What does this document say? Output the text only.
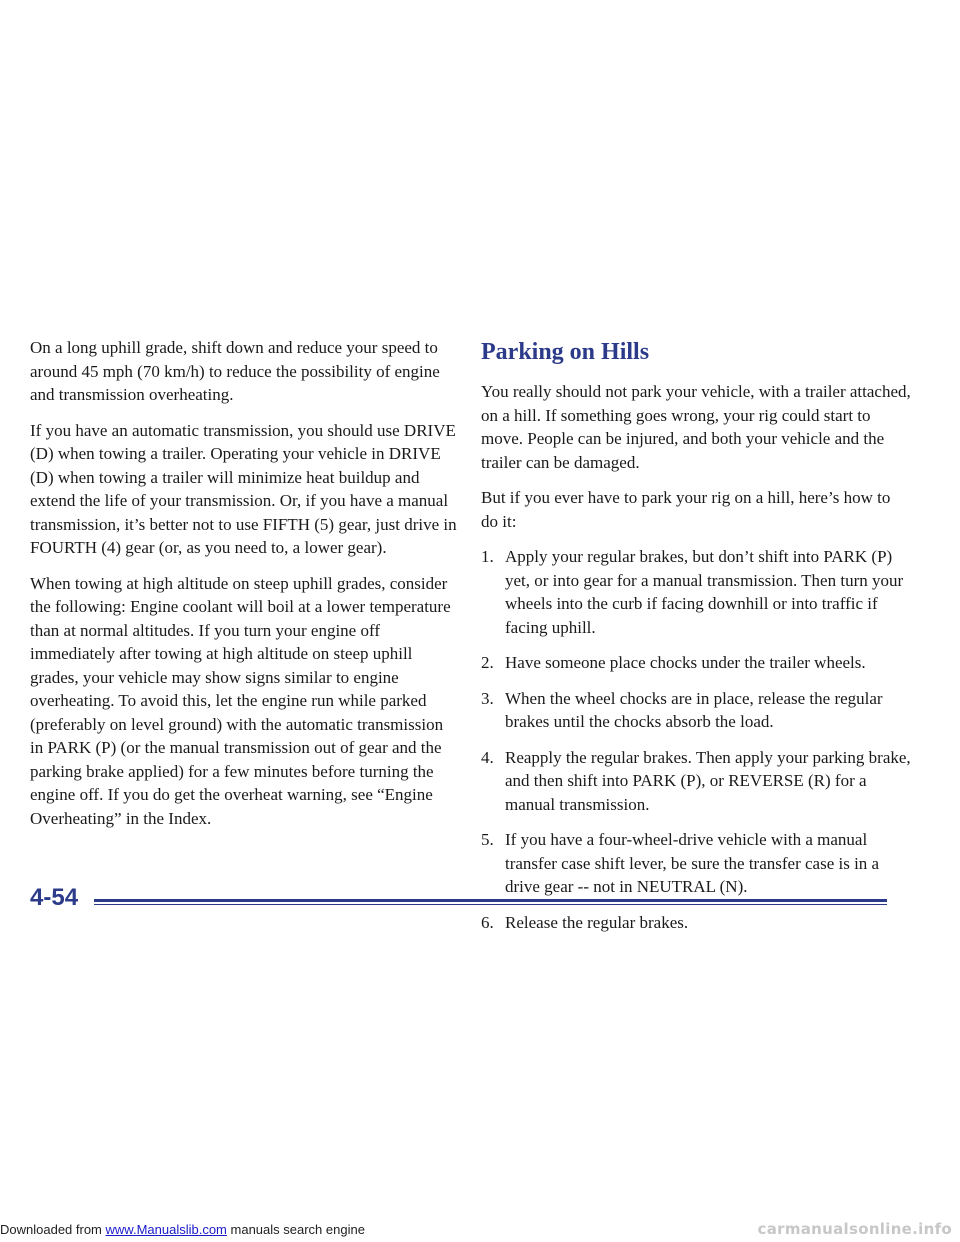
On a long uphill grade, shift down and reduce your speed to around 45 mph (70 km/h) to reduce the possibility of engine and transmission overheating.

If you have an automatic transmission, you should use DRIVE (D) when towing a trailer. Operating your vehicle in DRIVE (D) when towing a trailer will minimize heat buildup and extend the life of your transmission. Or, if you have a manual transmission, it’s better not to use FIFTH (5) gear, just drive in FOURTH (4) gear (or, as you need to, a lower gear).

When towing at high altitude on steep uphill grades, consider the following: Engine coolant will boil at a lower temperature than at normal altitudes. If you turn your engine off immediately after towing at high altitude on steep uphill grades, your vehicle may show signs similar to engine overheating. To avoid this, let the engine run while parked (preferably on level ground) with the automatic transmission in PARK (P) (or the manual transmission out of gear and the parking brake applied) for a few minutes before turning the engine off. If you do get the overheat warning, see “Engine Overheating” in the Index.

Parking on Hills

You really should not park your vehicle, with a trailer attached, on a hill. If something goes wrong, your rig could start to move. People can be injured, and both your vehicle and the trailer can be damaged.

But if you ever have to park your rig on a hill, here’s how to do it:

1. Apply your regular brakes, but don’t shift into PARK (P) yet, or into gear for a manual transmission. Then turn your wheels into the curb if facing downhill or into traffic if facing uphill.
2. Have someone place chocks under the trailer wheels.
3. When the wheel chocks are in place, release the regular brakes until the chocks absorb the load.
4. Reapply the regular brakes. Then apply your parking brake, and then shift into PARK (P), or REVERSE (R) for a manual transmission.
5. If you have a four-wheel-drive vehicle with a manual transfer case shift lever, be sure the transfer case is in a drive gear -- not in NEUTRAL (N).
6. Release the regular brakes.
4-54
Downloaded from www.Manualslib.com manuals search engine	carmanualsonline.info
